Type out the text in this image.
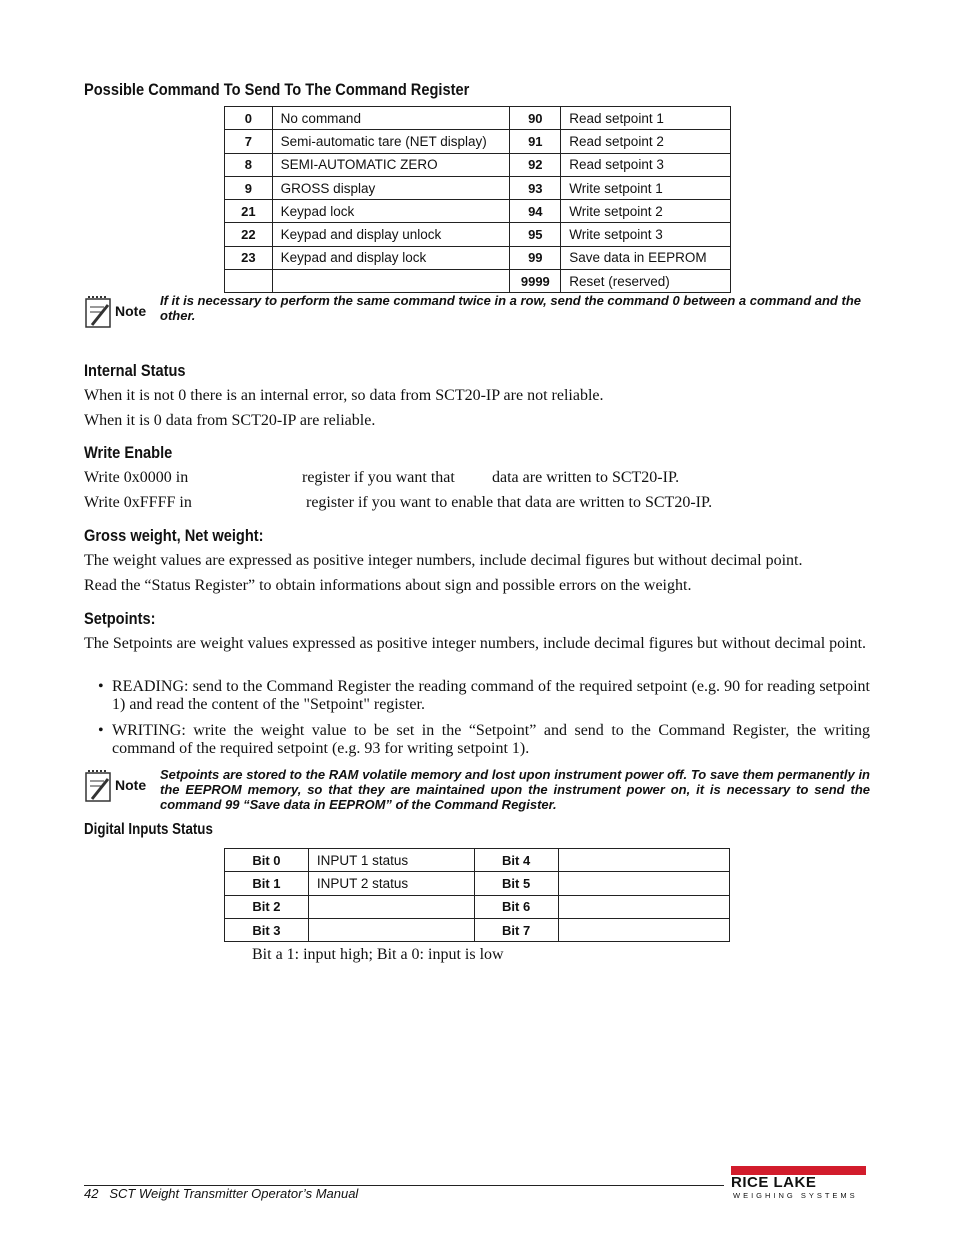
Possible Command To Send To The Command Register
0	No command	90	Read setpoint 1
7	Semi-automatic tare (NET display)	91	Read setpoint 2
8	SEMI-AUTOMATIC ZERO	92	Read setpoint 3
9	GROSS display	93	Write setpoint 1
21	Keypad lock	94	Write setpoint 2
22	Keypad and display unlock	95	Write setpoint 3
23	Keypad and display lock	99	Save data in EEPROM
		9999	Reset (reserved)
Note
If it is necessary to perform the same command twice in a row, send the command 0 between a command and the other.
Internal Status
When it is not 0 there is an internal error, so data from SCT20-IP are not reliable.
When it is 0 data from SCT20-IP are reliable.
Write Enable
Write 0x0000 in	register if you want that data are written to SCT20-IP.
Write 0xFFFF in	register if you want to enable that data are written to SCT20-IP.
Gross weight, Net weight:
The weight values are expressed as positive integer numbers, include decimal figures but without decimal point.
Read the “Status Register” to obtain informations about sign and possible errors on the weight.
Setpoints:
The Setpoints are weight values expressed as positive integer numbers, include decimal figures but without decimal point.
• READING: send to the Command Register the reading command of the required setpoint (e.g. 90 for reading setpoint 1) and read the content of the "Setpoint" register.
• WRITING: write the weight value to be set in the “Setpoint” and send to the Command Register, the writing command of the required setpoint (e.g. 93 for writing setpoint 1).
Note
Setpoints are stored to the RAM volatile memory and lost upon instrument power off. To save them permanently in the EEPROM memory, so that they are maintained upon the instrument power on, it is necessary to send the command 99 “Save data in EEPROM” of the Command Register.
Digital Inputs Status
Bit 0	INPUT 1 status	Bit 4	
Bit 1	INPUT 2 status	Bit 5	
Bit 2		Bit 6	
Bit 3		Bit 7	
Bit a 1: input high; Bit a 0: input is low
42 SCT Weight Transmitter Operator’s Manual
RICE LAKE
WEIGHING SYSTEMS
